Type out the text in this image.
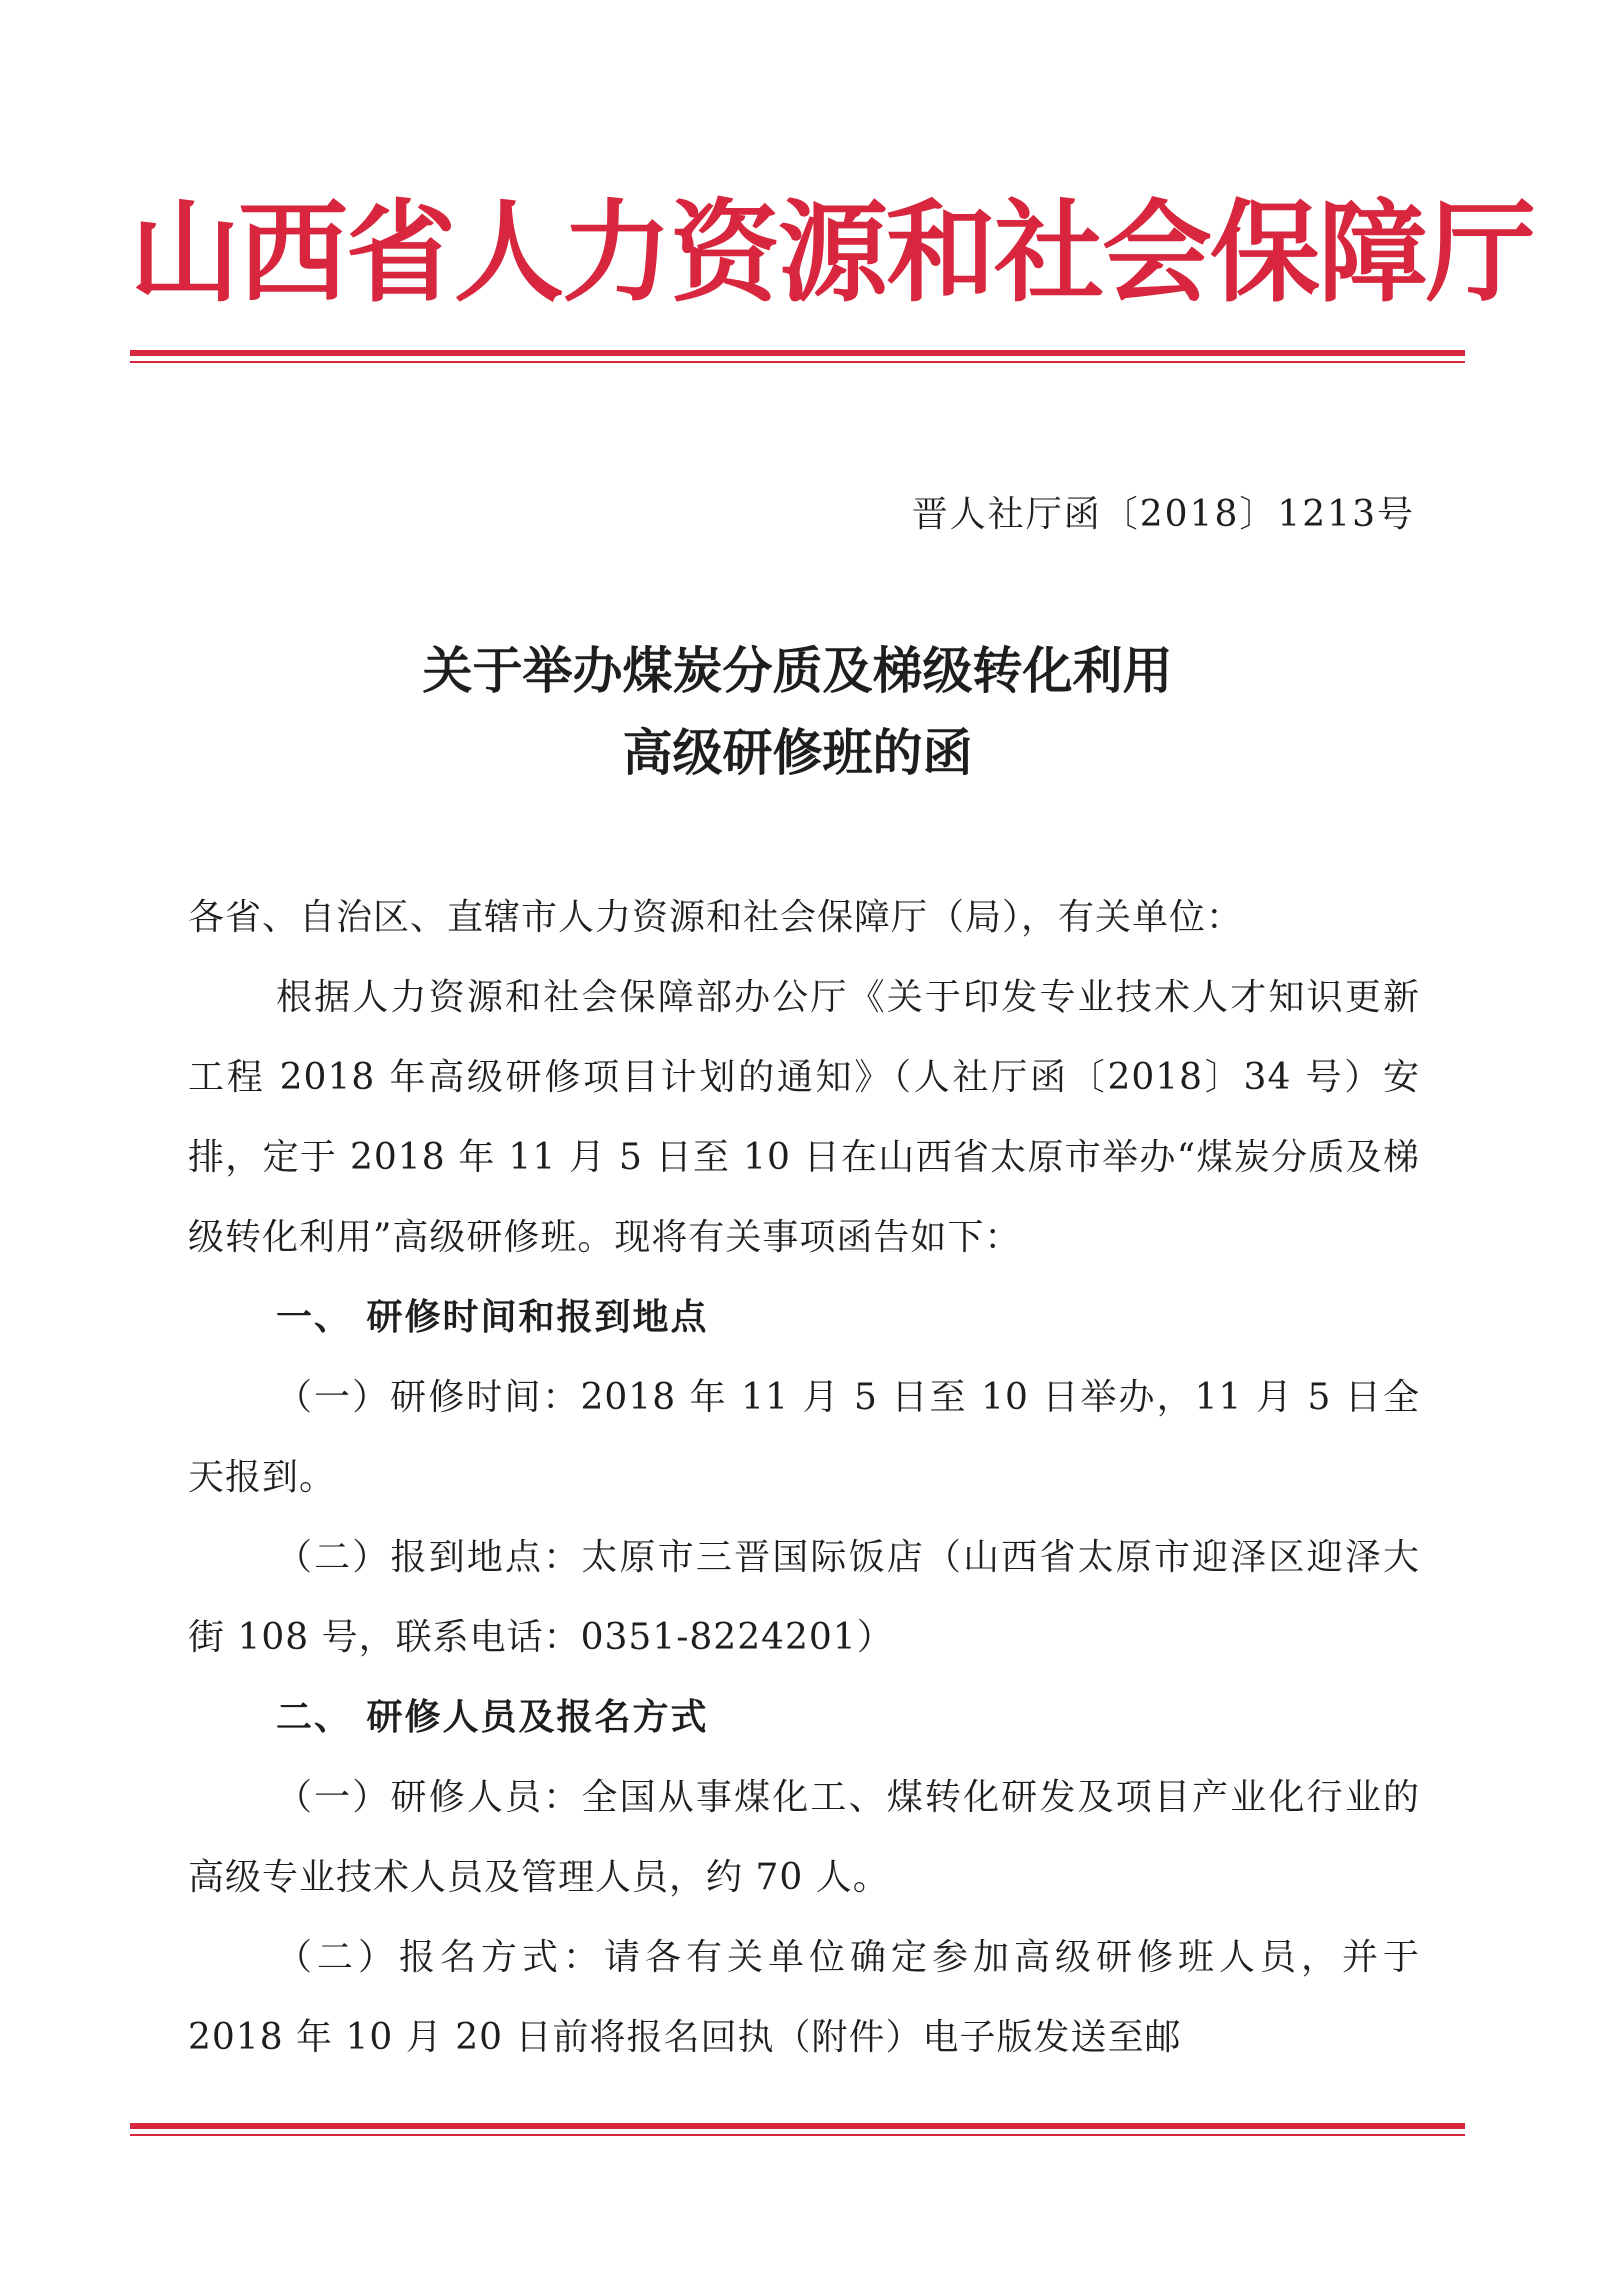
山西省人力资源和社会保障厅
晋人社厅函〔2018〕1213号
关于举办煤炭分质及梯级转化利用
高级研修班的函

各省、自治区、直辖市人力资源和社会保障厅（局），有关单位：

根据人力资源和社会保障部办公厅《关于印发专业技术人才知识更新工程 2018 年高级研修项目计划的通知》（人社厅函〔2018〕34 号）安排，定于 2018 年 11 月 5 日至 10 日在山西省太原市举办“煤炭分质及梯级转化利用”高级研修班。现将有关事项函告如下：

一、 研修时间和报到地点

（一）研修时间：2018 年 11 月 5 日至 10 日举办，11 月 5 日全天报到。

（二）报到地点：太原市三晋国际饭店（山西省太原市迎泽区迎泽大街 108 号，联系电话：0351-8224201）

二、 研修人员及报名方式

（一）研修人员：全国从事煤化工、煤转化研发及项目产业化行业的高级专业技术人员及管理人员，约 70 人。

（二）报名方式：请各有关单位确定参加高级研修班人员，并于 2018 年 10 月 20 日前将报名回执（附件）电子版发送至邮
